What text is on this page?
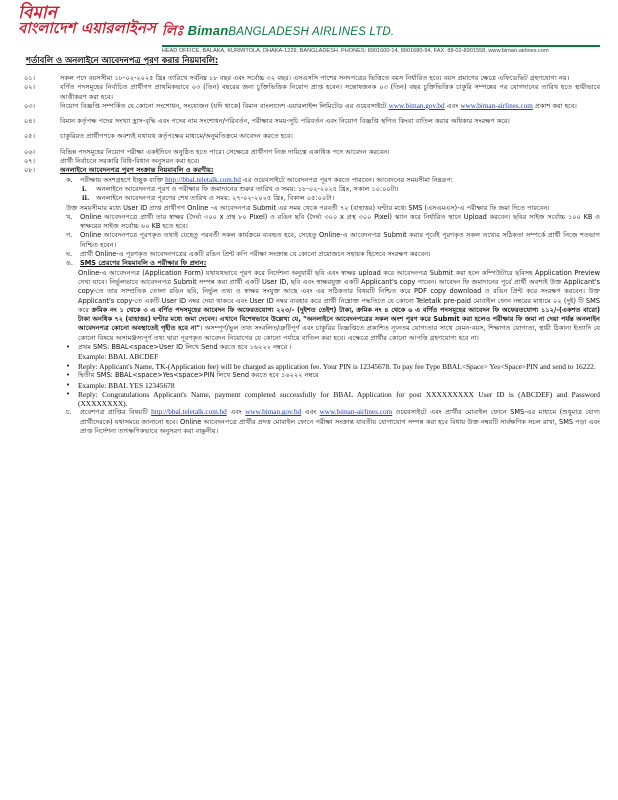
বিমান
বাংলাদেশ এয়ারলাইনস লিঃ Biman BANGLADESH AIRLINES LTD.
HEAD OFFICE, BALAKA, KURMITOLA, DHAKA-1229, BANGLADESH. PHONES: 8901600-14, 8901680-94, FAX: 88-02-8901558, www.biman-airlines.com
শর্তাবলি ও অনলাইনে আবেদনপত্র পূরণ করার নিয়মাবলি:
০১।	সকল পদে বয়সসীমা ১৮-০২-২০২৫ খ্রিঃ তারিখে সর্বনিম্ন ১৮ বছর এবং সর্বোচ্চ ৩২ বছর। এসএসসি পাশের সনদপত্রের ভিত্তিতে বয়স নির্ধারিত হবে। বয়স প্রমাণের ক্ষেত্রে এফিডেভিট গ্রহণযোগ্য নয়।
০২।	বর্ণিত পদসমূহের নির্বাচিত প্রার্থীগণ প্রাথমিকভাবে ০৩ (তিন) বছরের জন্য চুক্তিভিত্তিক নিয়োগ প্রাপ্ত হবেন। সন্তোষজনক ০৩ (তিন) বছর চুক্তিভিত্তিক চাকুরি সম্পন্নের পর যোগদানের তারিখ হতে স্থায়ীভাবে আত্তীকরণ করা হবে।
০৩।	নিয়োগ বিজ্ঞপ্তি সম্পর্কিত যে কোনো সংশোধন, সংযোজন (যদি থাকে) বিমান বাংলাদেশ এয়ারলাইন্স লিমিটেড এর ওয়েবসাইটে www.biman.gov.bd এবং www.biman-airlines.com প্রকাশ করা হবে।
০৪।	বিমান কর্তৃপক্ষ পদের সংখ্যা হ্রাস-বৃদ্ধি এবং পদের নাম সংশোধন/পরিবর্তন, পরীক্ষার সময়-সূচি পরিবর্তন এবং নিয়োগ বিজ্ঞপ্তি স্থগিত কিংবা বাতিল করার অধিকার সংরক্ষণ করে।
০৫।	চাকুরিরত প্রার্থীগণকে অবশ্যই যথাযথ কর্তৃপক্ষের মাধ্যমে/অনুমতিক্রমে আবেদন করতে হবে।
০৬।	বিভিন্ন পদসমূহের নিয়োগ পরীক্ষা একইদিনে অনুষ্ঠিত হতে পারে। সেক্ষেত্রে প্রার্থীগণ নিজ দায়িত্বে একাধিক পদে আবেদন করবেন।
০৭।	প্রার্থী নির্বাচনে সরকারি বিধি-বিধান অনুসরন করা হবে।
০৮।	অনলাইনে আবেদনপত্র পূরণ সংক্রান্ত নিয়মাবলি ও করণীয়:
ক.	পরীক্ষায় অংশগ্রহণে ইচ্ছুক ব্যক্তি http://bbal.teletalk.com.bd এর ওয়েবসাইটে আবেদনপত্র পূরণ করতে পারবেন। আবেদনের সময়সীমা নিম্নরূপ:
i.	অনলাইনে আবেদনপত্র পূরণ ও পরীক্ষার ফি জমাদানের শুরুর তারিখ ও সময়: ১৮-০২-২০২৫ খ্রিঃ, সকাল ১০:০০টা।
ii.	অনলাইনে আবেদনপত্র পূরণের শেষ তারিখ ও সময়: ২৭-০২-২০২৫ খ্রিঃ, বিকাল ০৫:০০টা।
উক্ত সময়সীমার মধ্যে User ID প্রাপ্ত প্রার্থীগণ Online -এ আবেদনপত্র Submit এর সময় থেকে পরবর্তী ৭২ (বাহাত্তর) ঘণ্টার মধ্যে SMS (এসএমএস)-এ পরীক্ষার ফি জমা দিতে পারবেন।
খ.	Online আবেদনপত্রে প্রার্থী তার স্বাক্ষর (দৈর্ঘ্য ৩০০ x প্রস্থ ৮০ Pixel) ও রঙিন ছবি (দৈর্ঘ্য ৩০০ x প্রস্থ ৩০০ Pixel) স্ক্যান করে নির্ধারিত স্থানে Upload করবেন। ছবির সাইজ সর্বোচ্চ ১০০ KB ও স্বাক্ষরের সাইজ সর্বোচ্চ ৬০ KB হতে হবে।
গ.	Online আবেদনপত্রে পূরণকৃত তথ্যই যেহেতু পরবর্তী সকল কার্যক্রমে ব্যবহৃত হবে, সেহেতু Online-এ আবেদনপত্র Submit করার পূর্বেই পূরণকৃত সকল তথ্যের সঠিকতা সম্পর্কে প্রার্থী নিজে শতভাগ নিশ্চিত হবেন।
ঘ.	প্রার্থী Online-এ পূরণকৃত আবেদনপত্রের একটি রঙিন প্রিন্ট কপি পরীক্ষা সংক্রান্ত যে কোনো প্রয়োজনে সহায়ক হিসেবে সংরক্ষণ করবেন।
ঙ.	SMS প্রেরণের নিয়মাবলি ও পরীক্ষার ফি প্রদান:
Online-এ আবেদনপত্র (Application Form) যথাযথভাবে পূরণ করে নির্দেশনা অনুযায়ী ছবি এবং স্বাক্ষর upload করে আবেদনপত্র Submit করা হলে কম্পিউটারে ছবিসহ Application Preview দেখা যাবে। নির্ভুলভাবে আবেদনপত্র Submit সম্পন্ন করা প্রার্থী একটি User ID, ছবি এবং স্বাক্ষরযুক্ত একটি Applicant's copy পাবেন। আবেদন ফি জমাদানের পূর্বে প্রার্থী অবশ্যই উক্ত Applicant's copy-তে তার সাম্প্রতিক তোলা রঙিন ছবি, নির্ভুল তথ্য ও স্বাক্ষর সংযুক্ত আছে এবং এর সঠিকতার বিষয়টি নিশ্চিত করে PDF copy download ও রঙিন প্রিন্ট করে সংরক্ষণ করবেন। উক্ত Applicant's copy-তে একটি User ID নম্বর দেয়া থাকবে এবং User ID নম্বর ব্যবহার করে প্রার্থী নিম্নোক্ত পদ্ধতিতে যে কোনো Teletalk pre-paid মোবাইল ফোন নম্বরের মাধ্যমে ০২ (দুই) টি SMS করে ক্রমিক নং ১ থেকে ৩ এ বর্ণিত পদসমূহের আবেদন ফি অফেরতযোগ্য ২২৩/- (দুইশত তেইশ) টাকা, ক্রমিক নং ৪ থেকে ৬ এ বর্ণিত পদসমূহের আবেদন ফি অফেরতযোগ্য ১১২/-(একশত বারো) টাকা অনধিক ৭২ (বাহাত্তর) ঘণ্টার মধ্যে জমা দেবেন। এখানে বিশেষভাবে উল্লেখ্য যে, "অনলাইনে আবেদনপত্রের সকল অংশ পূরণ করে Submit করা হলেও পরীক্ষার ফি জমা না দেয়া পর্যন্ত অনলাইন আবেদনপত্র কোনো অবস্থাতেই গৃহীত হবে না"। অসম্পূর্ণ/ভুল তথ্য সংবলিত/ত্রুটিপূর্ণ এবং চাকুরির বিজ্ঞপ্তিতে প্রকাশিত ন্যূনতম যোগ্যতার সাথে যেমন-বয়স, শিক্ষাগত যোগ্যতা, স্থায়ী ঠিকানা ইত্যাদি যে কোনো বিষয়ে অসামঞ্জস্যপূর্ণ তথ্য দ্বারা পূরণকৃত আবেদন নিয়োগের যে কোনো পর্যায়ে বাতিল করা হবে। এক্ষেত্রে প্রার্থীর কোনো আপত্তি গ্রহণযোগ্য হবে না।
•	প্রথম SMS: BBAL<space>User ID লিখে Send করতে হবে ১৬২২২ নম্বরে ।
Example: BBAL ABCDEF
•	Reply: Applicant's Name, TK-(Application fee) will be charged as application fee. Your PIN is 12345678. To pay fee Type BBAL<Space> Yes<Space>PIN and send to 16222.
•	দ্বিতীয় SMS: BBAL<space>Yes<space>PIN লিখে Send করতে হবে ১৬২২২ নম্বরে
•	Example: BBAL YES 12345678
•	Reply: Congratulations Applicant's Name, payment completed successfully for BBAL Application for post XXXXXXXXX User ID is (ABCDEF) and Password (XXXXXXXX).
চ.	প্রবেশপত্র প্রাপ্তির বিষয়টি http://bbal.teletalk.com.bd এবং www.biman.gov.bd এবং www.biman-airlines.com ওয়েবসাইটে এবং প্রার্থীর মোবাইল ফোনে SMS-এর মাধ্যমে (শুধুমাত্র যোগ্য প্রার্থীদেরকে) যথাসময়ে জানানো হবে। Online আবেদনপত্রে প্রার্থীর প্রদত্ত মোবাইল ফোনে পরীক্ষা সংক্রান্ত যাবতীয় যোগাযোগ সম্পন্ন করা হবে বিধায় উক্ত নম্বরটি সার্বক্ষণিক সচল রাখা, SMS পড়া এবং প্রাপ্ত নির্দেশনা তাৎক্ষণিকভাবে অনুসরণ করা বাঞ্ছনীয়।
